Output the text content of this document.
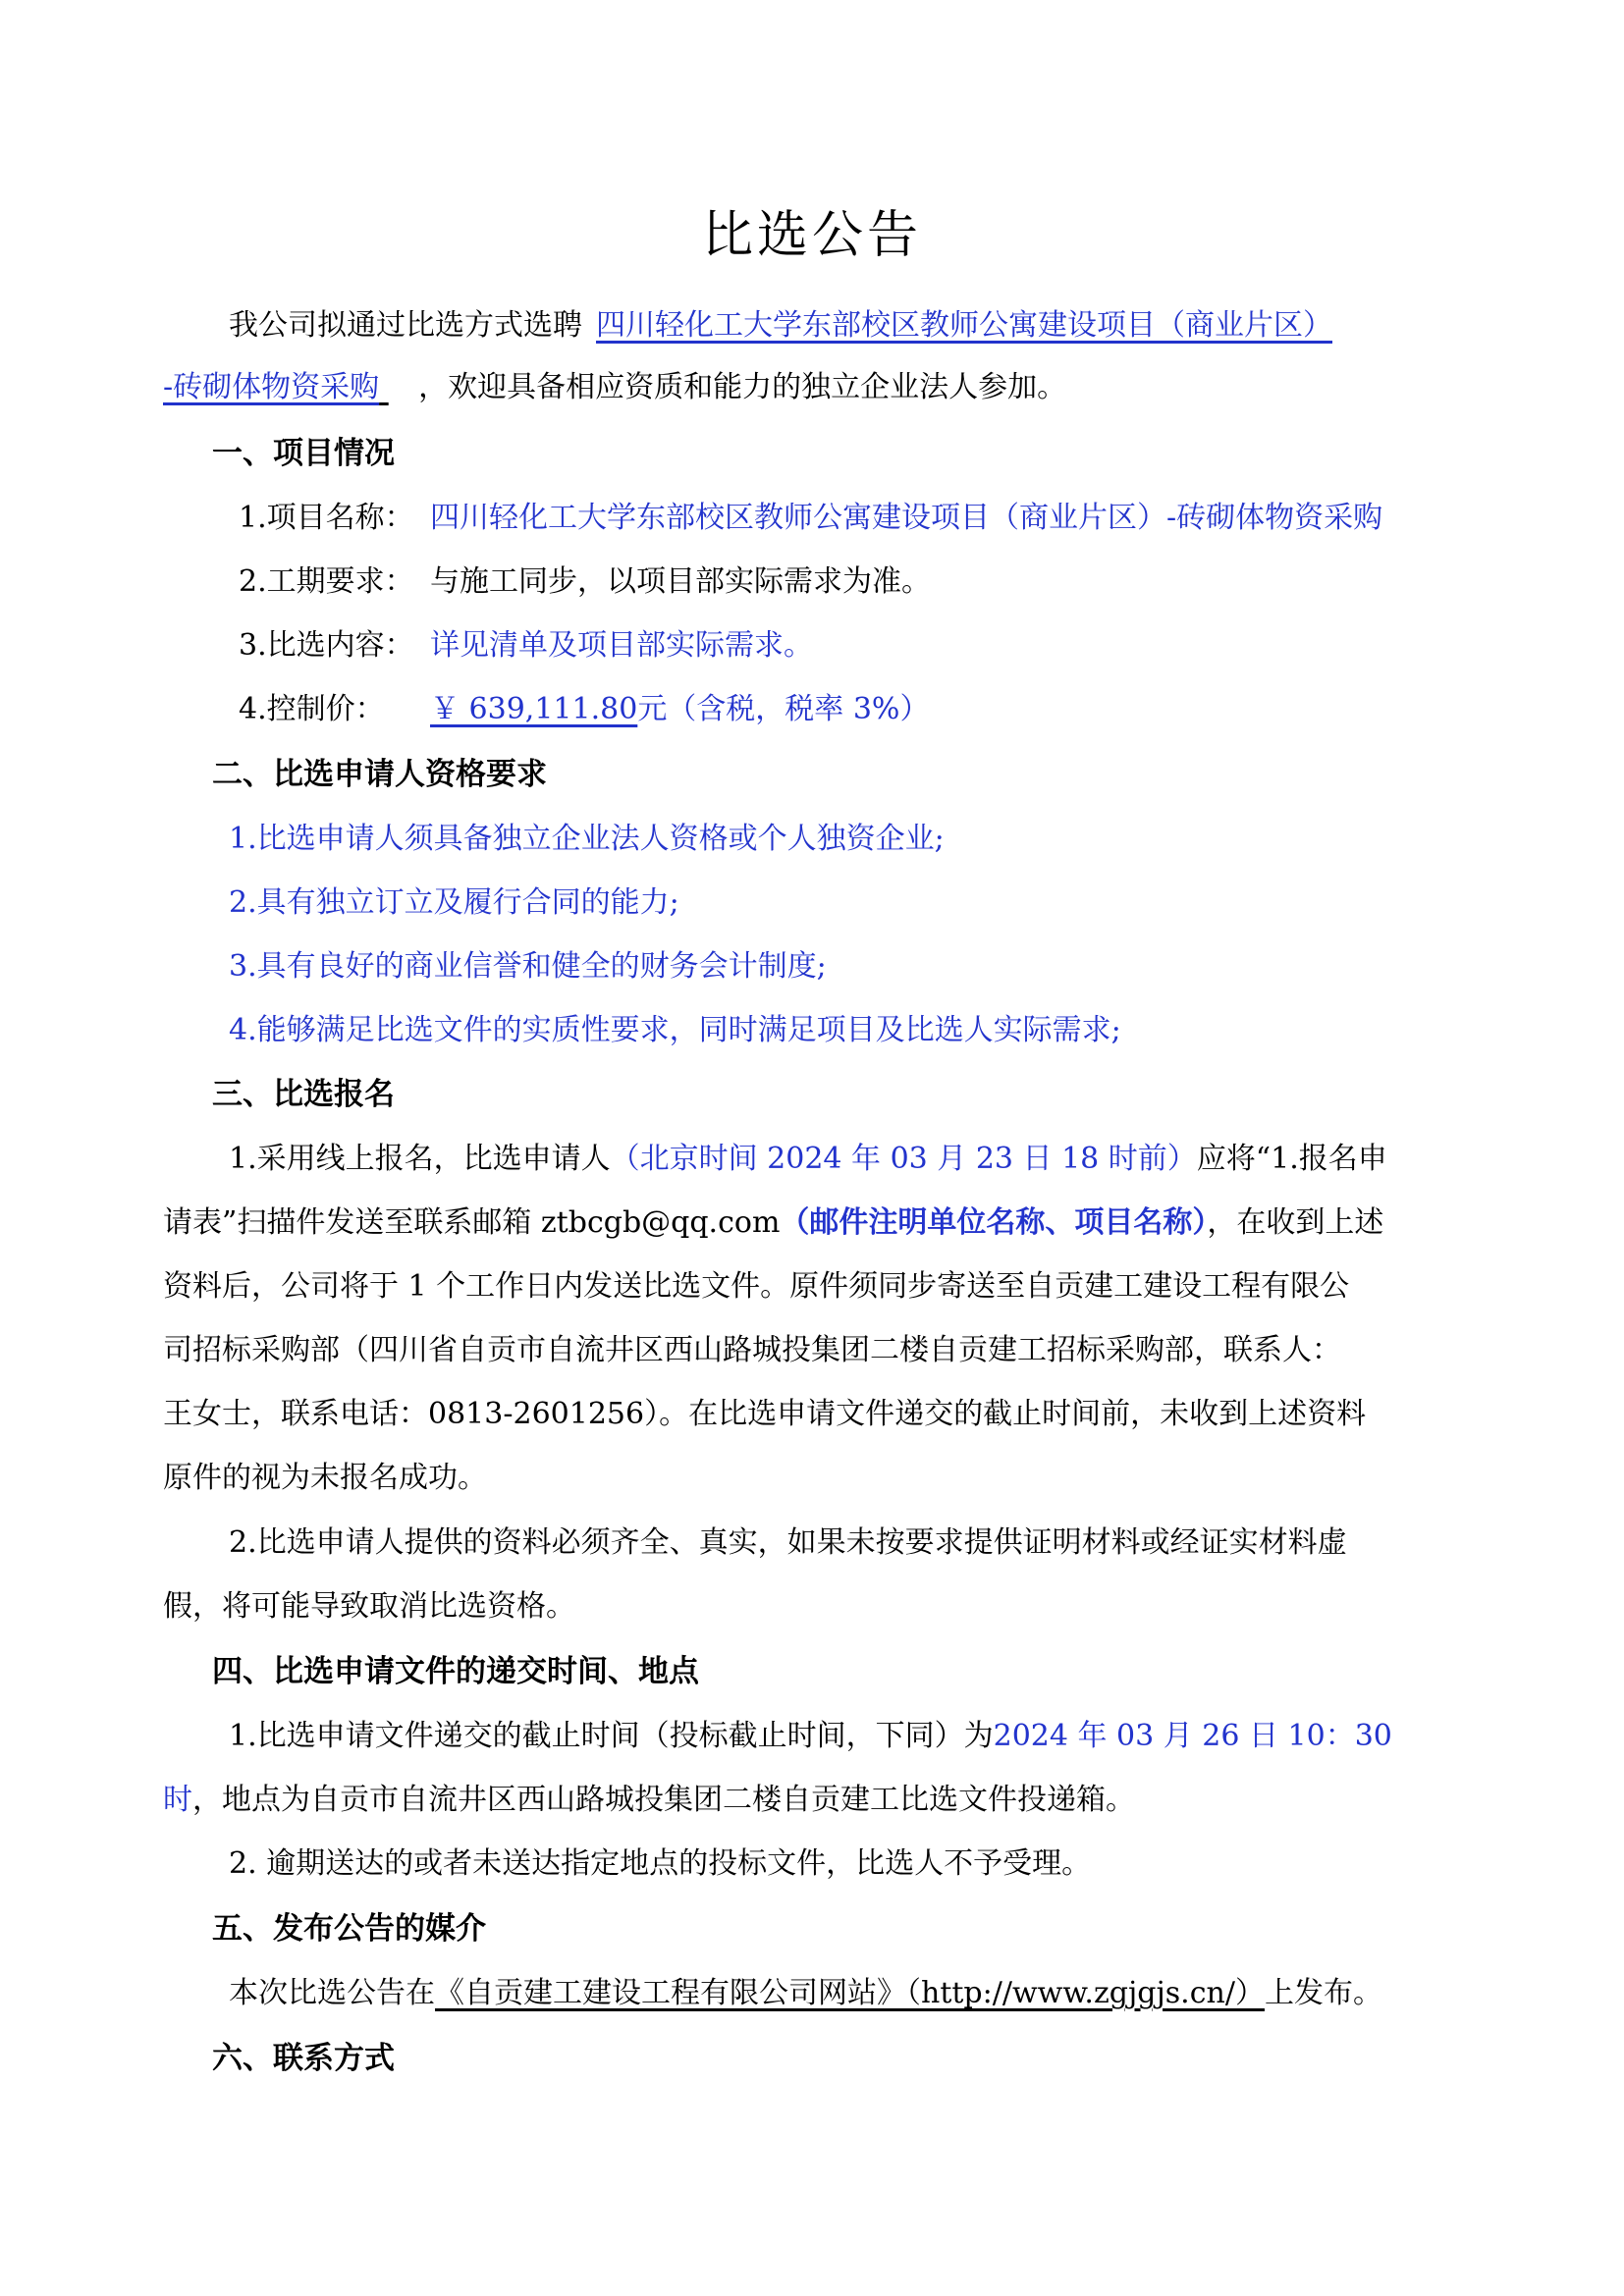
比选公告
我公司拟通过比选方式选聘 四川轻化工大学东部校区教师公寓建设项目（商业片区）
-砖砌体物资采购 ，欢迎具备相应资质和能力的独立企业法人参加。
一、项目情况
1.项目名称： 四川轻化工大学东部校区教师公寓建设项目（商业片区）-砖砌体物资采购
2.工期要求： 与施工同步，以项目部实际需求为准。
3.比选内容： 详见清单及项目部实际需求。
4.控制价： ￥ 639,111.80元（含税，税率 3%）
二、比选申请人资格要求
1.比选申请人须具备独立企业法人资格或个人独资企业;
2.具有独立订立及履行合同的能力;
3.具有良好的商业信誉和健全的财务会计制度;
4.能够满足比选文件的实质性要求，同时满足项目及比选人实际需求;
三、比选报名
1.采用线上报名，比选申请人（北京时间 2024 年 03 月 23 日 18 时前）应将“1.报名申
请表”扫描件发送至联系邮箱 ztbcgb@qq.com（邮件注明单位名称、项目名称），在收到上述
资料后，公司将于 1 个工作日内发送比选文件。原件须同步寄送至自贡建工建设工程有限公
司招标采购部（四川省自贡市自流井区西山路城投集团二楼自贡建工招标采购部，联系人：
王女士，联系电话：0813-2601256）。在比选申请文件递交的截止时间前，未收到上述资料
原件的视为未报名成功。
2.比选申请人提供的资料必须齐全、真实，如果未按要求提供证明材料或经证实材料虚
假，将可能导致取消比选资格。
四、比选申请文件的递交时间、地点
1.比选申请文件递交的截止时间（投标截止时间，下同）为2024 年 03 月 26 日 10：30
时，地点为自贡市自流井区西山路城投集团二楼自贡建工比选文件投递箱。
2. 逾期送达的或者未送达指定地点的投标文件，比选人不予受理。
五、发布公告的媒介
本次比选公告在《自贡建工建设工程有限公司网站》（http://www.zgjgjs.cn/）上发布。
六、联系方式
